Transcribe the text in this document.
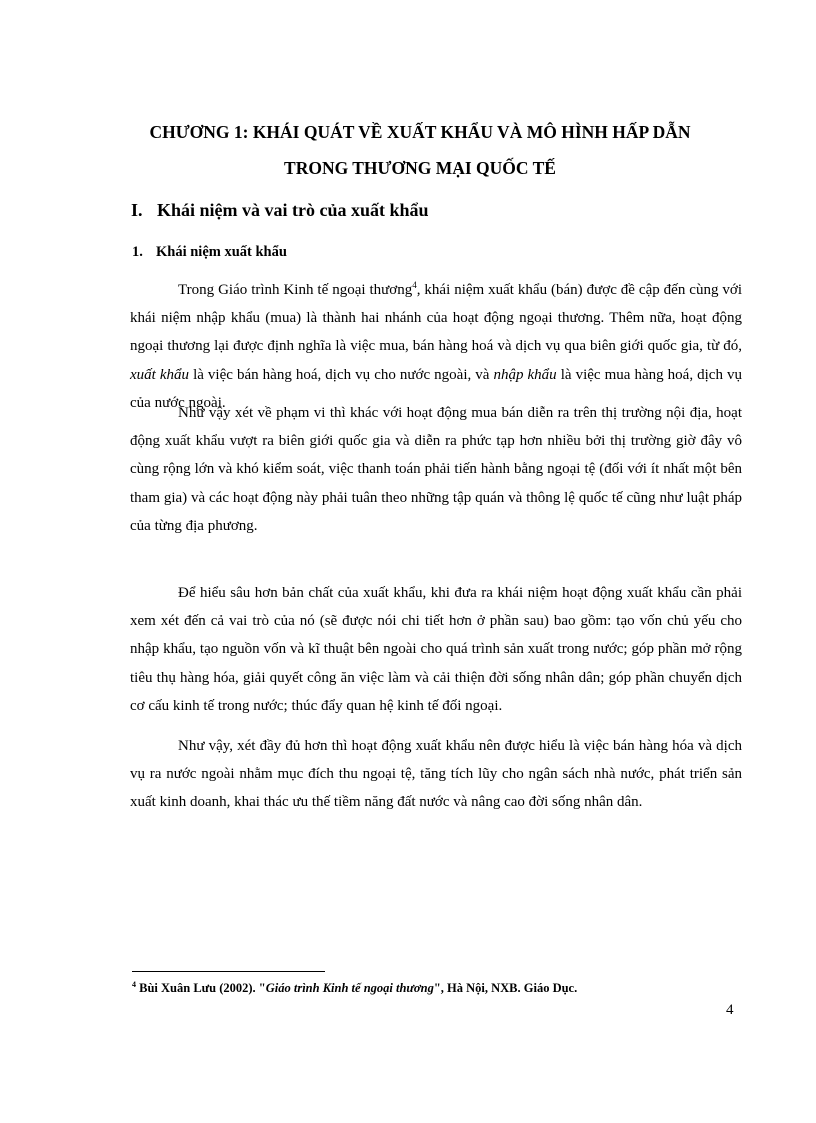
CHƯƠNG 1: KHÁI QUÁT VỀ XUẤT KHẨU VÀ MÔ HÌNH HẤP DẪN
TRONG THƯƠNG MẠI QUỐC TẾ
I. Khái niệm và vai trò của xuất khẩu
1. Khái niệm xuất khẩu

Trong Giáo trình Kinh tế ngoại thương$^4$, khái niệm xuất khẩu (bán) được đề cập đến cùng với khái niệm nhập khẩu (mua) là thành hai nhánh của hoạt động ngoại thương. Thêm nữa, hoạt động ngoại thương lại được định nghĩa là việc mua, bán hàng hoá và dịch vụ qua biên giới quốc gia, từ đó, xuất khẩu là việc bán hàng hoá, dịch vụ cho nước ngoài, và nhập khẩu là việc mua hàng hoá, dịch vụ của nước ngoài.

Như vậy xét về phạm vi thì khác với hoạt động mua bán diễn ra trên thị trường nội địa, hoạt động xuất khẩu vượt ra biên giới quốc gia và diễn ra phức tạp hơn nhiều bởi thị trường giờ đây vô cùng rộng lớn và khó kiểm soát, việc thanh toán phải tiến hành bằng ngoại tệ (đối với ít nhất một bên tham gia) và các hoạt động này phải tuân theo những tập quán và thông lệ quốc tế cũng như luật pháp của từng địa phương.

Để hiểu sâu hơn bản chất của xuất khẩu, khi đưa ra khái niệm hoạt động xuất khẩu cần phải xem xét đến cả vai trò của nó (sẽ được nói chi tiết hơn ở phần sau) bao gồm: tạo vốn chủ yếu cho nhập khẩu, tạo nguồn vốn và kĩ thuật bên ngoài cho quá trình sản xuất trong nước; góp phần mở rộng tiêu thụ hàng hóa, giải quyết công ăn việc làm và cải thiện đời sống nhân dân; góp phần chuyển dịch cơ cấu kinh tế trong nước; thúc đẩy quan hệ kinh tế đối ngoại.

Như vậy, xét đầy đủ hơn thì hoạt động xuất khẩu nên được hiểu là việc bán hàng hóa và dịch vụ ra nước ngoài nhằm mục đích thu ngoại tệ, tăng tích lũy cho ngân sách nhà nước, phát triển sản xuất kinh doanh, khai thác ưu thế tiềm năng đất nước và nâng cao đời sống nhân dân.

$^4$ Bùi Xuân Lưu (2002). "Giáo trình Kinh tế ngoại thương", Hà Nội, NXB. Giáo Dục.

4
